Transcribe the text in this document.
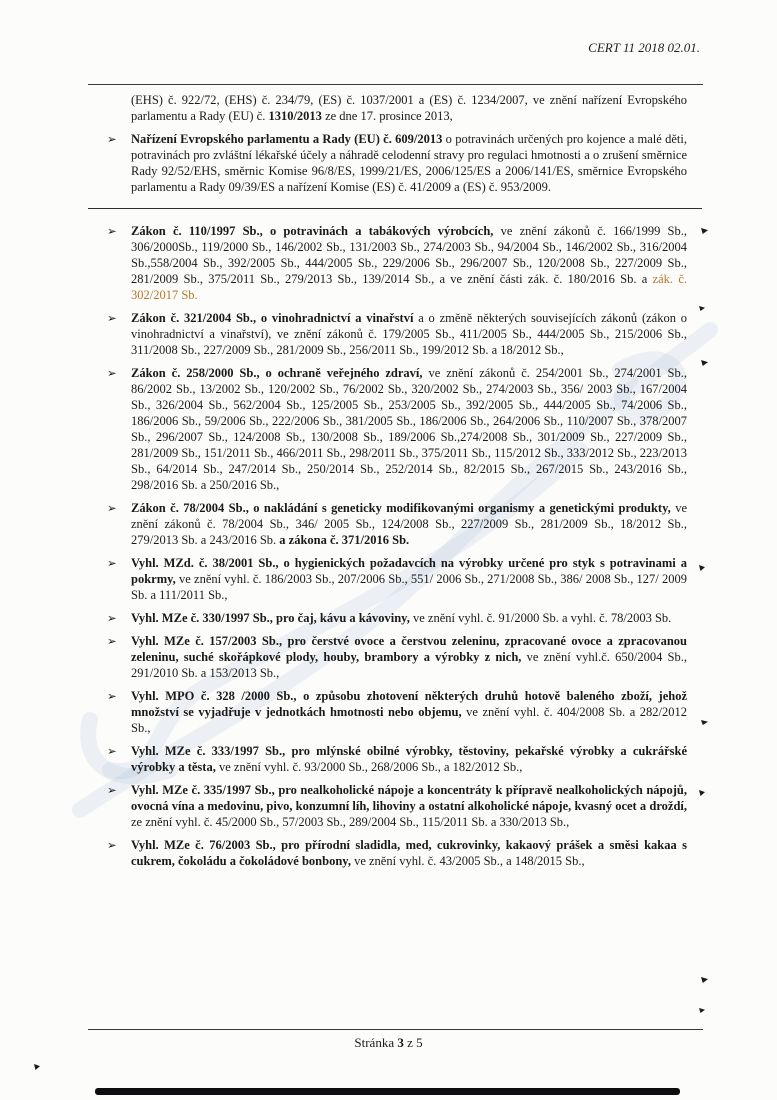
CERT 11 2018 02.01.

(EHS) č. 922/72, (EHS) č. 234/79, (ES) č. 1037/2001 a (ES) č. 1234/2007, ve znění nařízení Evropského parlamentu a Rady (EU) č. 1310/2013 ze dne 17. prosince 2013,

➢ Nařízení Evropského parlamentu a Rady (EU) č. 609/2013 o potravinách určených pro kojence a malé děti, potravinách pro zvláštní lékařské účely a náhradě celodenní stravy pro regulaci hmotnosti a o zrušení směrnice Rady 92/52/EHS, směrnic Komise 96/8/ES, 1999/21/ES, 2006/125/ES a 2006/141/ES, směrnice Evropského parlamentu a Rady 09/39/ES a nařízení Komise (ES) č. 41/2009 a (ES) č. 953/2009.

➢ Zákon č. 110/1997 Sb., o potravinách a tabákových výrobcích, ve znění zákonů č. 166/1999 Sb., 306/2000Sb., 119/2000 Sb., 146/2002 Sb., 131/2003 Sb., 274/2003 Sb., 94/2004 Sb., 146/2002 Sb., 316/2004 Sb.,558/2004 Sb., 392/2005 Sb., 444/2005 Sb., 229/2006 Sb., 296/2007 Sb., 120/2008 Sb., 227/2009 Sb., 281/2009 Sb., 375/2011 Sb., 279/2013 Sb., 139/2014 Sb., a ve znění části zák. č. 180/2016 Sb. a zák. č. 302/2017 Sb.

➢ Zákon č. 321/2004 Sb., o vinohradnictví a vinařství a o změně některých souvisejících zákonů (zákon o vinohradnictví a vinařství), ve znění zákonů č. 179/2005 Sb., 411/2005 Sb., 444/2005 Sb., 215/2006 Sb., 311/2008 Sb., 227/2009 Sb., 281/2009 Sb., 256/2011 Sb., 199/2012 Sb. a 18/2012 Sb.,

➢ Zákon č. 258/2000 Sb., o ochraně veřejného zdraví, ve znění zákonů č. 254/2001 Sb., 274/2001 Sb., 86/2002 Sb., 13/2002 Sb., 120/2002 Sb., 76/2002 Sb., 320/2002 Sb., 274/2003 Sb., 356/ 2003 Sb., 167/2004 Sb., 326/2004 Sb., 562/2004 Sb., 125/2005 Sb., 253/2005 Sb., 392/2005 Sb., 444/2005 Sb., 74/2006 Sb., 186/2006 Sb., 59/2006 Sb., 222/2006 Sb., 381/2005 Sb., 186/2006 Sb., 264/2006 Sb., 110/2007 Sb., 378/2007 Sb., 296/2007 Sb., 124/2008 Sb., 130/2008 Sb., 189/2006 Sb.,274/2008 Sb., 301/2009 Sb., 227/2009 Sb., 281/2009 Sb., 151/2011 Sb., 466/2011 Sb., 298/2011 Sb., 375/2011 Sb., 115/2012 Sb., 333/2012 Sb., 223/2013 Sb., 64/2014 Sb., 247/2014 Sb., 250/2014 Sb., 252/2014 Sb., 82/2015 Sb., 267/2015 Sb., 243/2016 Sb., 298/2016 Sb. a 250/2016 Sb.,

➢ Zákon č. 78/2004 Sb., o nakládání s geneticky modifikovanými organismy a genetickými produkty, ve znění zákonů č. 78/2004 Sb., 346/ 2005 Sb., 124/2008 Sb., 227/2009 Sb., 281/2009 Sb., 18/2012 Sb., 279/2013 Sb. a 243/2016 Sb. a zákona č. 371/2016 Sb.

➢ Vyhl. MZd. č. 38/2001 Sb., o hygienických požadavcích na výrobky určené pro styk s potravinami a pokrmy, ve znění vyhl. č. 186/2003 Sb., 207/2006 Sb., 551/ 2006 Sb., 271/2008 Sb., 386/ 2008 Sb., 127/ 2009 Sb. a 111/2011 Sb.,

➢ Vyhl. MZe č. 330/1997 Sb., pro čaj, kávu a kávoviny, ve znění vyhl. č. 91/2000 Sb. a vyhl. č. 78/2003 Sb.

➢ Vyhl. MZe č. 157/2003 Sb., pro čerstvé ovoce a čerstvou zeleninu, zpracované ovoce a zpracovanou zeleninu, suché skořápkové plody, houby, brambory a výrobky z nich, ve znění vyhl.č. 650/2004 Sb., 291/2010 Sb. a 153/2013 Sb.,

➢ Vyhl. MPO č. 328 /2000 Sb., o způsobu zhotovení některých druhů hotově baleného zboží, jehož množství se vyjadřuje v jednotkách hmotnosti nebo objemu, ve znění vyhl. č. 404/2008 Sb. a 282/2012 Sb.,

➢ Vyhl. MZe č. 333/1997 Sb., pro mlýnské obilné výrobky, těstoviny, pekařské výrobky a cukrářské výrobky a těsta, ve znění vyhl. č. 93/2000 Sb., 268/2006 Sb., a 182/2012 Sb.,

➢ Vyhl. MZe č. 335/1997 Sb., pro nealkoholické nápoje a koncentráty k přípravě nealkoholických nápojů, ovocná vína a medovinu, pivo, konzumní líh, lihoviny a ostatní alkoholické nápoje, kvasný ocet a droždí, ze znění vyhl. č. 45/2000 Sb., 57/2003 Sb., 289/2004 Sb., 115/2011 Sb. a 330/2013 Sb.,

➢ Vyhl. MZe č. 76/2003 Sb., pro přírodní sladidla, med, cukrovinky, kakaový prášek a směsi kakaa s cukrem, čokoládu a čokoládové bonbony, ve znění vyhl. č. 43/2005 Sb., a 148/2015 Sb.,

Stránka 3 z 5
